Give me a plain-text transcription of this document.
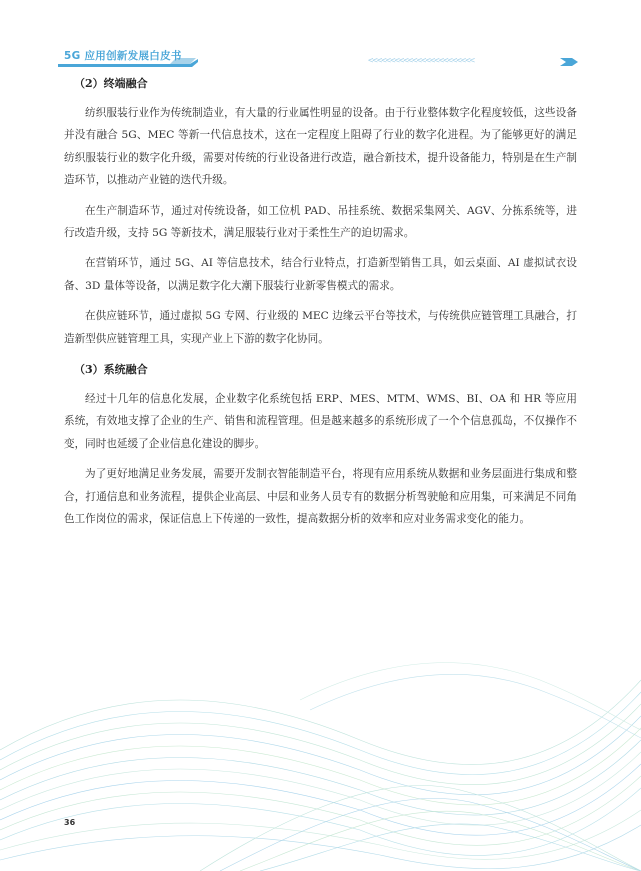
5G 应用创新发展白皮书	<<<<<<<<<<<<<<<<<<<<<<<<
（2）终端融合

纺织服装行业作为传统制造业，有大量的行业属性明显的设备。由于行业整体数字化程度较低，这些设备并没有融合 5G、MEC 等新一代信息技术，这在一定程度上阻碍了行业的数字化进程。为了能够更好的满足纺织服装行业的数字化升级，需要对传统的行业设备进行改造，融合新技术，提升设备能力，特别是在生产制造环节，以推动产业链的迭代升级。

在生产制造环节，通过对传统设备，如工位机 PAD、吊挂系统、数据采集网关、AGV、分拣系统等，进行改造升级，支持 5G 等新技术，满足服装行业对于柔性生产的迫切需求。

在营销环节，通过 5G、AI 等信息技术，结合行业特点，打造新型销售工具，如云桌面、AI 虚拟试衣设备、3D 量体等设备，以满足数字化大潮下服装行业新零售模式的需求。

在供应链环节，通过虚拟 5G 专网、行业级的 MEC 边缘云平台等技术，与传统供应链管理工具融合，打造新型供应链管理工具，实现产业上下游的数字化协同。

（3）系统融合

经过十几年的信息化发展，企业数字化系统包括 ERP、MES、MTM、WMS、BI、OA 和 HR 等应用系统，有效地支撑了企业的生产、销售和流程管理。但是越来越多的系统形成了一个个信息孤岛，不仅操作不变，同时也延缓了企业信息化建设的脚步。

为了更好地满足业务发展，需要开发制衣智能制造平台，将现有应用系统从数据和业务层面进行集成和整合，打通信息和业务流程，提供企业高层、中层和业务人员专有的数据分析驾驶舱和应用集，可来满足不同角色工作岗位的需求，保证信息上下传递的一致性，提高数据分析的效率和应对业务需求变化的能力。

36
